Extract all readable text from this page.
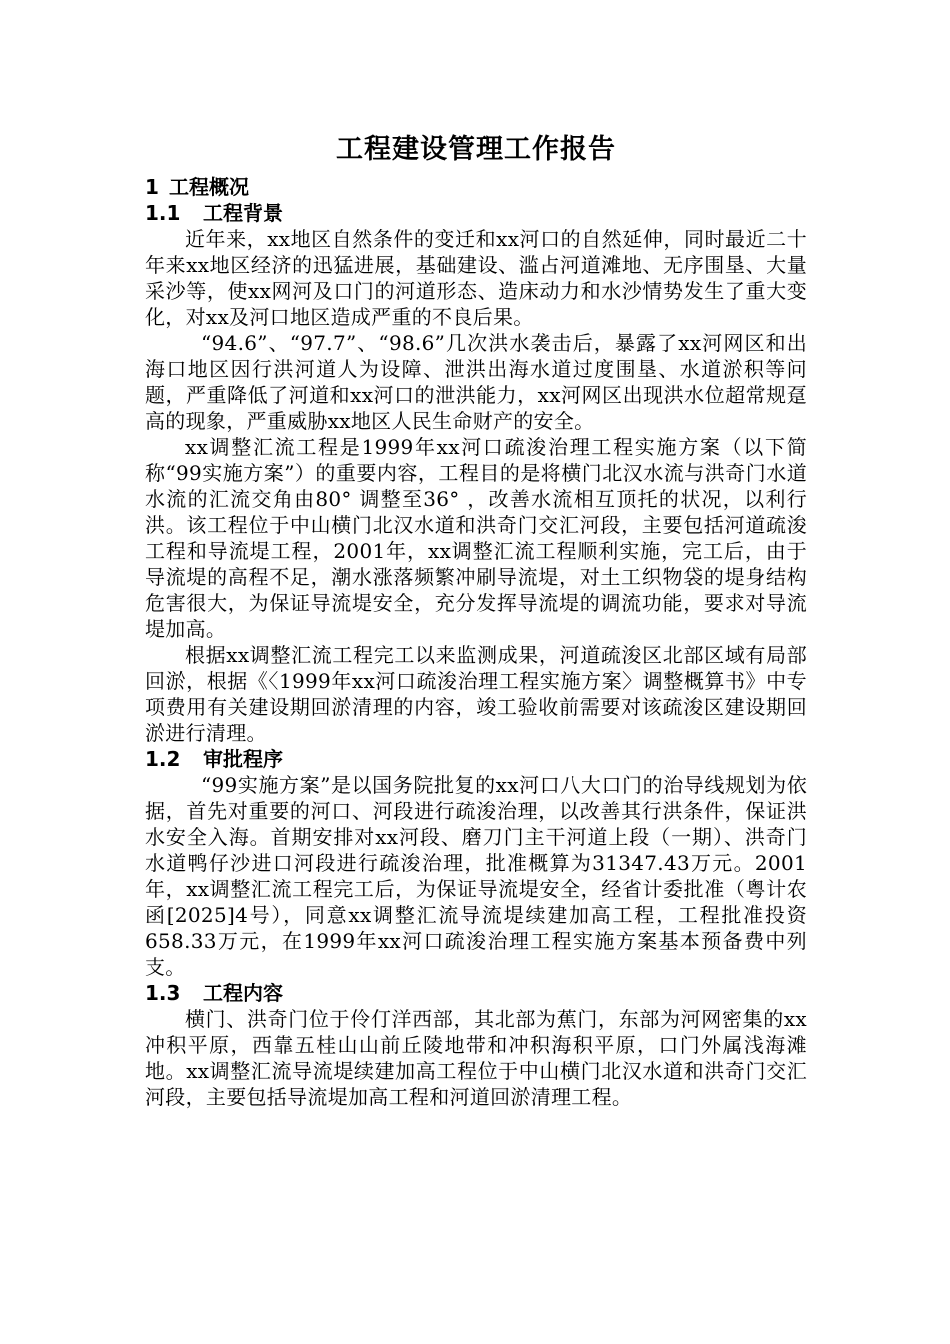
工程建设管理工作报告
1 工程概况
1.1 工程背景

近年来，xx地区自然条件的变迁和xx河口的自然延伸，同时最近二十年来xx地区经济的迅猛进展，基础建设、滥占河道滩地、无序围垦、大量采沙等，使xx网河及口门的河道形态、造床动力和水沙情势发生了重大变化，对xx及河口地区造成严重的不良后果。

“94.6”、“97.7”、“98.6”几次洪水袭击后，暴露了xx河网区和出海口地区因行洪河道人为设障、泄洪出海水道过度围垦、水道淤积等问题，严重降低了河道和xx河口的泄洪能力，xx河网区出现洪水位超常规趸高的现象，严重威胁xx地区人民生命财产的安全。

xx调整汇流工程是1999年xx河口疏浚治理工程实施方案（以下简称“99实施方案”）的重要内容，工程目的是将横门北汉水流与洪奇门水道水流的汇流交角由80° 调整至36° ，改善水流相互顶托的状况，以利行洪。该工程位于中山横门北汉水道和洪奇门交汇河段，主要包括河道疏浚工程和导流堤工程，2001年，xx调整汇流工程顺利实施，完工后，由于导流堤的高程不足，潮水涨落频繁冲刷导流堤，对土工织物袋的堤身结构危害很大，为保证导流堤安全，充分发挥导流堤的调流功能，要求对导流堤加高。

根据xx调整汇流工程完工以来监测成果，河道疏浚区北部区域有局部回淤，根据《〈1999年xx河口疏浚治理工程实施方案〉调整概算书》中专项费用有关建设期回淤清理的内容，竣工验收前需要对该疏浚区建设期回淤进行清理。

1.2 审批程序

“99实施方案”是以国务院批复的xx河口八大口门的治导线规划为依据，首先对重要的河口、河段进行疏浚治理，以改善其行洪条件，保证洪水安全入海。首期安排对xx河段、磨刀门主干河道上段（一期）、洪奇门水道鸭仔沙进口河段进行疏浚治理，批准概算为31347.43万元。2001年，xx调整汇流工程完工后，为保证导流堤安全，经省计委批准（粤计农函[2025]4号），同意xx调整汇流导流堤续建加高工程，工程批准投资658.33万元，在1999年xx河口疏浚治理工程实施方案基本预备费中列支。

1.3 工程内容

横门、洪奇门位于伶仃洋西部，其北部为蕉门，东部为河网密集的xx冲积平原，西靠五桂山山前丘陵地带和冲积海积平原，口门外属浅海滩地。xx调整汇流导流堤续建加高工程位于中山横门北汉水道和洪奇门交汇河段，主要包括导流堤加高工程和河道回淤清理工程。
